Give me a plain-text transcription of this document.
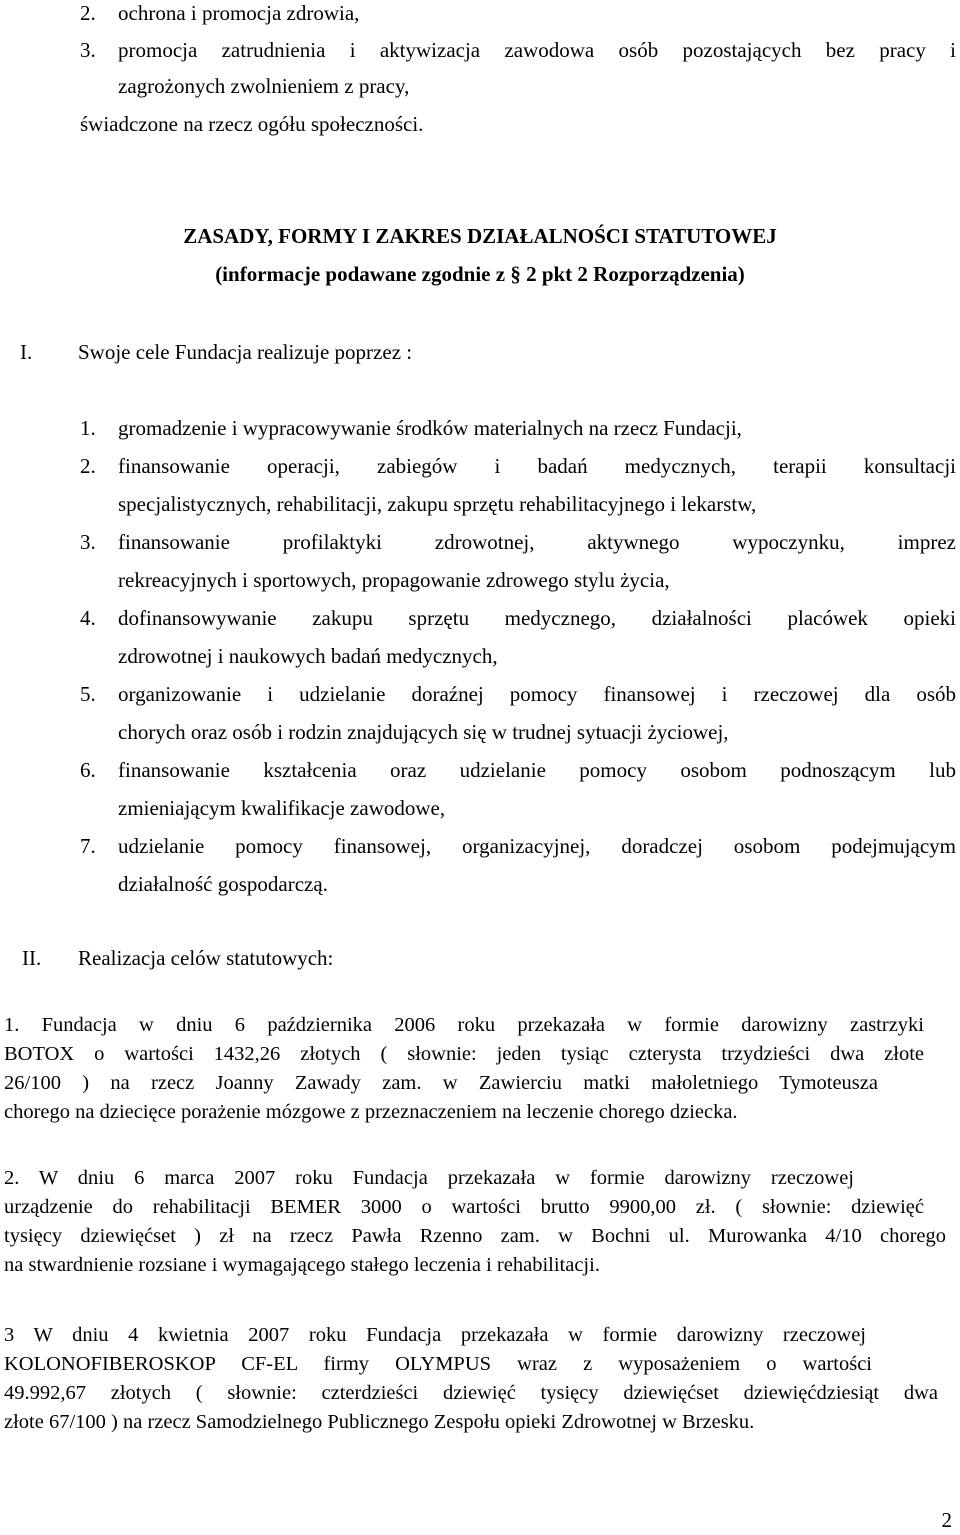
2. ochrona i promocja zdrowia,
3. promocja zatrudnienia i aktywizacja zawodowa osób pozostających bez pracy i
zagrożonych zwolnieniem z pracy,
świadczone na rzecz ogółu społeczności.
ZASADY, FORMY I ZAKRES DZIAŁALNOŚCI STATUTOWEJ
(informacje podawane zgodnie z § 2 pkt 2 Rozporządzenia)
I. Swoje cele Fundacja realizuje poprzez :
1. gromadzenie i wypracowywanie środków materialnych na rzecz Fundacji,
2. finansowanie operacji, zabiegów i badań medycznych, terapii konsultacji
specjalistycznych, rehabilitacji, zakupu sprzętu rehabilitacyjnego i lekarstw,
3. finansowanie profilaktyki zdrowotnej, aktywnego wypoczynku, imprez
rekreacyjnych i sportowych, propagowanie zdrowego stylu życia,
4. dofinansowywanie zakupu sprzętu medycznego, działalności placówek opieki
zdrowotnej i naukowych badań medycznych,
5. organizowanie i udzielanie doraźnej pomocy finansowej i rzeczowej dla osób
chorych oraz osób i rodzin znajdujących się w trudnej sytuacji życiowej,
6. finansowanie kształcenia oraz udzielanie pomocy osobom podnoszącym lub
zmieniającym kwalifikacje zawodowe,
7. udzielanie pomocy finansowej, organizacyjnej, doradczej osobom podejmującym
działalność gospodarczą.
II. Realizacja celów statutowych:
1. Fundacja w dniu 6 października 2006 roku przekazała w formie darowizny zastrzyki
BOTOX o wartości 1432,26 złotych ( słownie: jeden tysiąc czterysta trzydzieści dwa złote
26/100 ) na rzecz Joanny Zawady zam. w Zawierciu matki małoletniego Tymoteusza
chorego na dziecięce porażenie mózgowe z przeznaczeniem na leczenie chorego dziecka.
2. W dniu 6 marca 2007 roku Fundacja przekazała w formie darowizny rzeczowej
urządzenie do rehabilitacji BEMER 3000 o wartości brutto 9900,00 zł. ( słownie: dziewięć
tysięcy dziewięćset ) zł na rzecz Pawła Rzenno zam. w Bochni ul. Murowanka 4/10 chorego
na stwardnienie rozsiane i wymagającego stałego leczenia i rehabilitacji.
3 W dniu 4 kwietnia 2007 roku Fundacja przekazała w formie darowizny rzeczowej
KOLONOFIBEROSKOP CF-EL firmy OLYMPUS wraz z wyposażeniem o wartości
49.992,67 złotych ( słownie: czterdzieści dziewięć tysięcy dziewięćset dziewięćdziesiąt dwa
złote 67/100 ) na rzecz Samodzielnego Publicznego Zespołu opieki Zdrowotnej w Brzesku.
2
